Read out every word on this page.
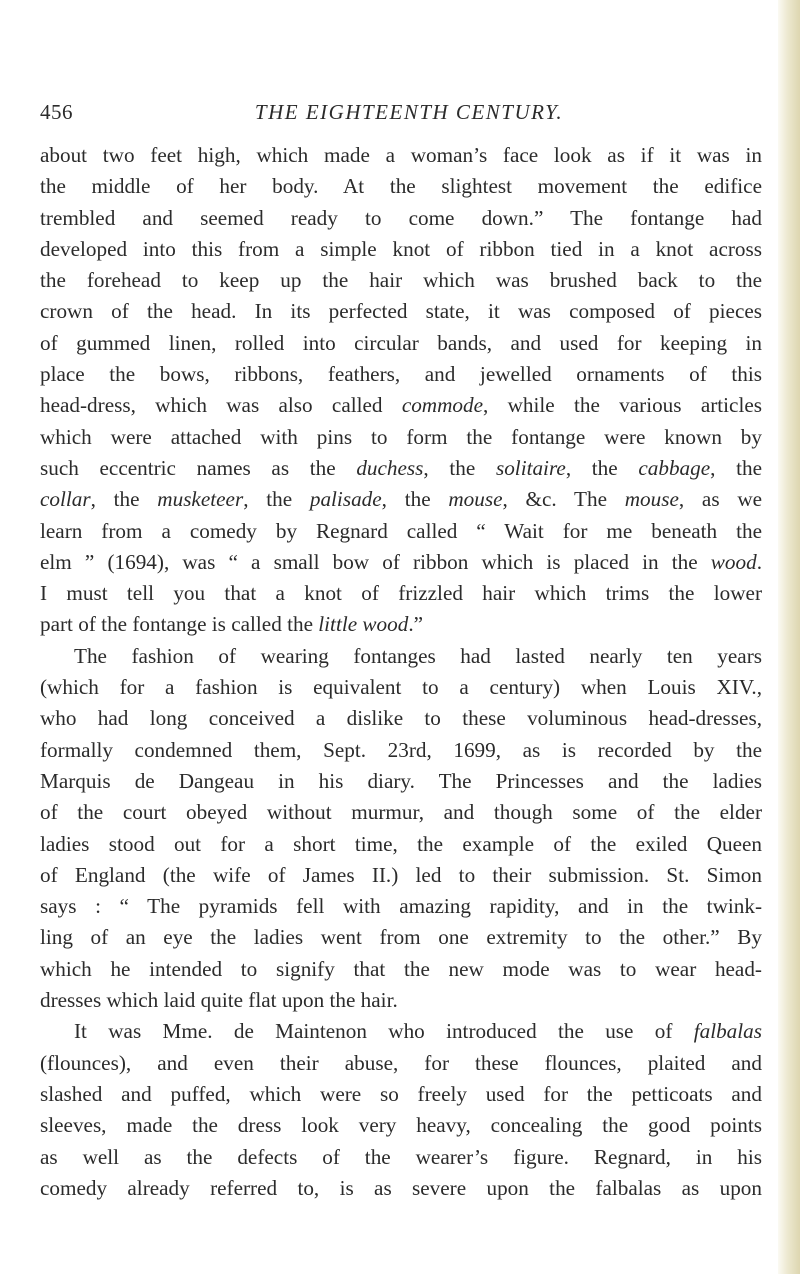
456	THE EIGHTEENTH CENTURY.
about two feet high, which made a woman’s face look as if it was in
the middle of her body. At the slightest movement the edifice
trembled and seemed ready to come down.” The fontange had
developed into this from a simple knot of ribbon tied in a knot across
the forehead to keep up the hair which was brushed back to the
crown of the head. In its perfected state, it was composed of pieces
of gummed linen, rolled into circular bands, and used for keeping in
place the bows, ribbons, feathers, and jewelled ornaments of this
head-dress, which was also called commode, while the various articles
which were attached with pins to form the fontange were known by
such eccentric names as the duchess, the solitaire, the cabbage, the
collar, the musketeer, the palisade, the mouse, &c. The mouse, as we
learn from a comedy by Regnard called “ Wait for me beneath the
elm ” (1694), was “ a small bow of ribbon which is placed in the wood.
I must tell you that a knot of frizzled hair which trims the lower
part of the fontange is called the little wood.”
The fashion of wearing fontanges had lasted nearly ten years
(which for a fashion is equivalent to a century) when Louis XIV.,
who had long conceived a dislike to these voluminous head-dresses,
formally condemned them, Sept. 23rd, 1699, as is recorded by the
Marquis de Dangeau in his diary. The Princesses and the ladies
of the court obeyed without murmur, and though some of the elder
ladies stood out for a short time, the example of the exiled Queen
of England (the wife of James II.) led to their submission. St. Simon
says : “ The pyramids fell with amazing rapidity, and in the twink-
ling of an eye the ladies went from one extremity to the other.” By
which he intended to signify that the new mode was to wear head-
dresses which laid quite flat upon the hair.
It was Mme. de Maintenon who introduced the use of falbalas
(flounces), and even their abuse, for these flounces, plaited and
slashed and puffed, which were so freely used for the petticoats and
sleeves, made the dress look very heavy, concealing the good points
as well as the defects of the wearer’s figure. Regnard, in his
comedy already referred to, is as severe upon the falbalas as upon
